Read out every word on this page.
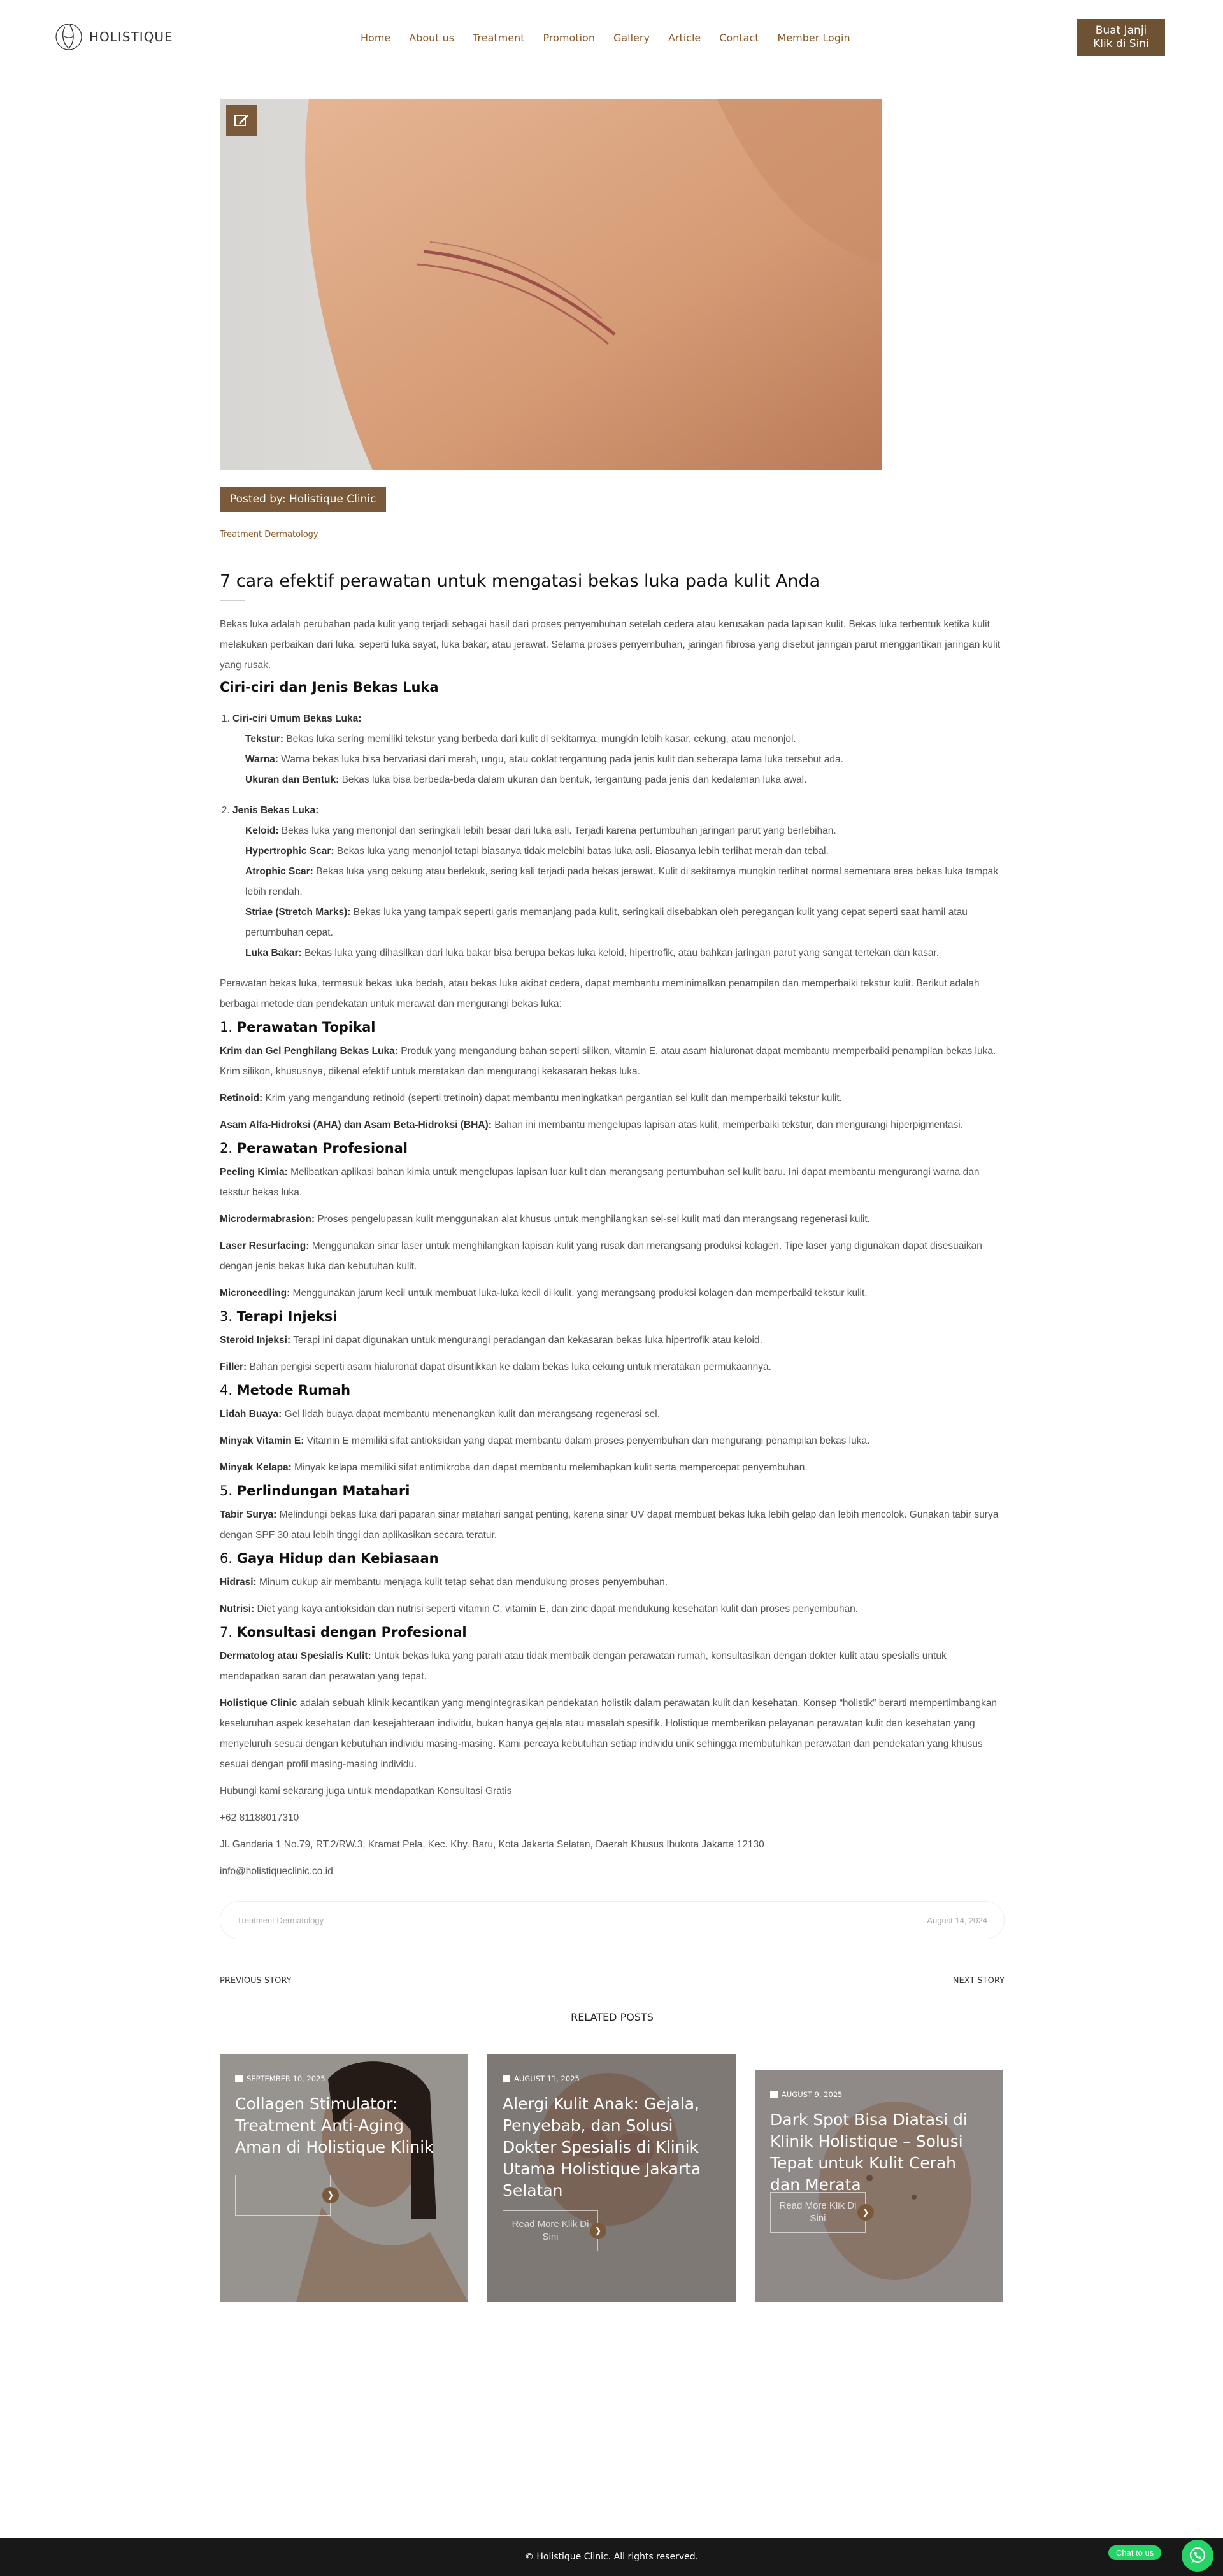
HOLISTIQUE	Home About us Treatment Promotion Gallery Article Contact Member Login
Buat Janji
Klik di Sini
Posted by: Holistique Clinic
Treatment Dermatology
7 cara efektif perawatan untuk mengatasi bekas luka pada kulit Anda

Bekas luka adalah perubahan pada kulit yang terjadi sebagai hasil dari proses penyembuhan setelah cedera atau kerusakan pada lapisan kulit. Bekas luka terbentuk ketika kulit melakukan perbaikan dari luka, seperti luka sayat, luka bakar, atau jerawat. Selama proses penyembuhan, jaringan fibrosa yang disebut jaringan parut menggantikan jaringan kulit yang rusak.

Ciri-ciri dan Jenis Bekas Luka
1. Ciri-ciri Umum Bekas Luka:
Tekstur: Bekas luka sering memiliki tekstur yang berbeda dari kulit di sekitarnya, mungkin lebih kasar, cekung, atau menonjol.
Warna: Warna bekas luka bisa bervariasi dari merah, ungu, atau coklat tergantung pada jenis kulit dan seberapa lama luka tersebut ada.
Ukuran dan Bentuk: Bekas luka bisa berbeda-beda dalam ukuran dan bentuk, tergantung pada jenis dan kedalaman luka awal.
2. Jenis Bekas Luka:
Keloid: Bekas luka yang menonjol dan seringkali lebih besar dari luka asli. Terjadi karena pertumbuhan jaringan parut yang berlebihan.
Hypertrophic Scar: Bekas luka yang menonjol tetapi biasanya tidak melebihi batas luka asli. Biasanya lebih terlihat merah dan tebal.
Atrophic Scar: Bekas luka yang cekung atau berlekuk, sering kali terjadi pada bekas jerawat. Kulit di sekitarnya mungkin terlihat normal sementara area bekas luka tampak lebih rendah.
Striae (Stretch Marks): Bekas luka yang tampak seperti garis memanjang pada kulit, seringkali disebabkan oleh peregangan kulit yang cepat seperti saat hamil atau pertumbuhan cepat.
Luka Bakar: Bekas luka yang dihasilkan dari luka bakar bisa berupa bekas luka keloid, hipertrofik, atau bahkan jaringan parut yang sangat tertekan dan kasar.

Perawatan bekas luka, termasuk bekas luka bedah, atau bekas luka akibat cedera, dapat membantu meminimalkan penampilan dan memperbaiki tekstur kulit. Berikut adalah berbagai metode dan pendekatan untuk merawat dan mengurangi bekas luka:

1. Perawatan Topikal

Krim dan Gel Penghilang Bekas Luka: Produk yang mengandung bahan seperti silikon, vitamin E, atau asam hialuronat dapat membantu memperbaiki penampilan bekas luka. Krim silikon, khususnya, dikenal efektif untuk meratakan dan mengurangi kekasaran bekas luka.

Retinoid: Krim yang mengandung retinoid (seperti tretinoin) dapat membantu meningkatkan pergantian sel kulit dan memperbaiki tekstur kulit.

Asam Alfa-Hidroksi (AHA) dan Asam Beta-Hidroksi (BHA): Bahan ini membantu mengelupas lapisan atas kulit, memperbaiki tekstur, dan mengurangi hiperpigmentasi.

2. Perawatan Profesional

Peeling Kimia: Melibatkan aplikasi bahan kimia untuk mengelupas lapisan luar kulit dan merangsang pertumbuhan sel kulit baru. Ini dapat membantu mengurangi warna dan tekstur bekas luka.

Microdermabrasion: Proses pengelupasan kulit menggunakan alat khusus untuk menghilangkan sel-sel kulit mati dan merangsang regenerasi kulit.

Laser Resurfacing: Menggunakan sinar laser untuk menghilangkan lapisan kulit yang rusak dan merangsang produksi kolagen. Tipe laser yang digunakan dapat disesuaikan dengan jenis bekas luka dan kebutuhan kulit.

Microneedling: Menggunakan jarum kecil untuk membuat luka-luka kecil di kulit, yang merangsang produksi kolagen dan memperbaiki tekstur kulit.

3. Terapi Injeksi

Steroid Injeksi: Terapi ini dapat digunakan untuk mengurangi peradangan dan kekasaran bekas luka hipertrofik atau keloid.

Filler: Bahan pengisi seperti asam hialuronat dapat disuntikkan ke dalam bekas luka cekung untuk meratakan permukaannya.

4. Metode Rumah

Lidah Buaya: Gel lidah buaya dapat membantu menenangkan kulit dan merangsang regenerasi sel.

Minyak Vitamin E: Vitamin E memiliki sifat antioksidan yang dapat membantu dalam proses penyembuhan dan mengurangi penampilan bekas luka.

Minyak Kelapa: Minyak kelapa memiliki sifat antimikroba dan dapat membantu melembapkan kulit serta mempercepat penyembuhan.

5. Perlindungan Matahari

Tabir Surya: Melindungi bekas luka dari paparan sinar matahari sangat penting, karena sinar UV dapat membuat bekas luka lebih gelap dan lebih mencolok. Gunakan tabir surya dengan SPF 30 atau lebih tinggi dan aplikasikan secara teratur.

6. Gaya Hidup dan Kebiasaan

Hidrasi: Minum cukup air membantu menjaga kulit tetap sehat dan mendukung proses penyembuhan.

Nutrisi: Diet yang kaya antioksidan dan nutrisi seperti vitamin C, vitamin E, dan zinc dapat mendukung kesehatan kulit dan proses penyembuhan.

7. Konsultasi dengan Profesional

Dermatolog atau Spesialis Kulit: Untuk bekas luka yang parah atau tidak membaik dengan perawatan rumah, konsultasikan dengan dokter kulit atau spesialis untuk mendapatkan saran dan perawatan yang tepat.

Holistique Clinic adalah sebuah klinik kecantikan yang mengintegrasikan pendekatan holistik dalam perawatan kulit dan kesehatan. Konsep “holistik” berarti mempertimbangkan keseluruhan aspek kesehatan dan kesejahteraan individu, bukan hanya gejala atau masalah spesifik. Holistique memberikan pelayanan perawatan kulit dan kesehatan yang menyeluruh sesuai dengan kebutuhan individu masing-masing. Kami percaya kebutuhan setiap individu unik sehingga membutuhkan perawatan dan pendekatan yang khusus sesuai dengan profil masing-masing individu.

Hubungi kami sekarang juga untuk mendapatkan Konsultasi Gratis

+62 81188017310

Jl. Gandaria 1 No.79, RT.2/RW.3, Kramat Pela, Kec. Kby. Baru, Kota Jakarta Selatan, Daerah Khusus Ibukota Jakarta 12130

info@holistiqueclinic.co.id

Treatment Dermatology	August 14, 2024
PREVIOUS STORY	NEXT STORY
RELATED POSTS
SEPTEMBER 10, 2025
Collagen Stimulator: Treatment Anti-Aging Aman di Holistique Klinik
❯
AUGUST 11, 2025
Alergi Kulit Anak: Gejala, Penyebab, dan Solusi Dokter Spesialis di Klinik Utama Holistique Jakarta Selatan
Read More Klik Di Sini
❯
AUGUST 9, 2025
Dark Spot Bisa Diatasi di Klinik Holistique – Solusi Tepat untuk Kulit Cerah dan Merata
Read More Klik Di Sini
❯
© Holistique Clinic. All rights reserved.	Chat to us
